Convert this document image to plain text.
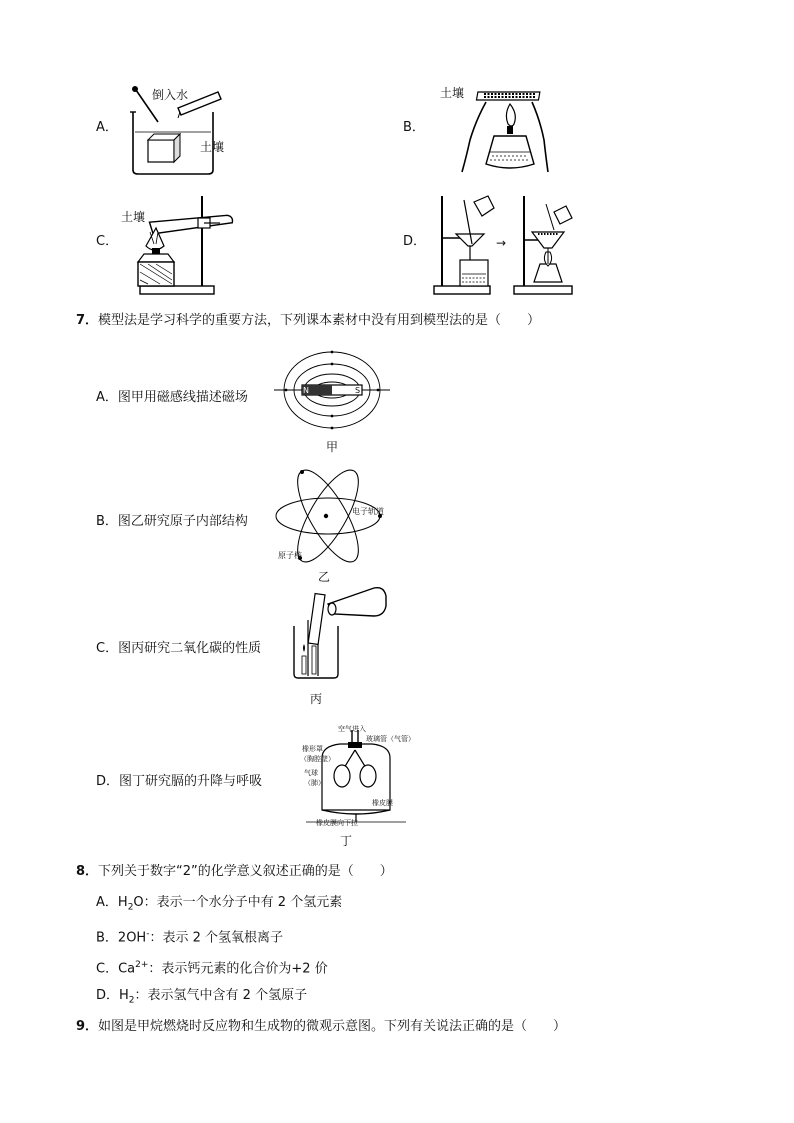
A．
倒入水
土壤
B．
土壤
C．
土壤
D．	→
7．模型法是学习科学的重要方法，下列课本素材中没有用到模型法的是（　　）
A．图甲用磁感线描述磁场	N	S
甲
B．图乙研究原子内部结构
电子轨道
原子核
乙
C．图丙研究二氧化碳的性质
丙
D．图丁研究膈的升降与呼吸
空气进入
玻璃管（气管）
橡形罩
（胸腔壁）
气球
（肺）
橡皮膜
橡皮膜向下拉
丁
8．下列关于数字“2”的化学意义叙述正确的是（　　）
A．$H_2O$：表示一个水分子中有 2 个氢元素
B．2OH-：表示 2 个氢氧根离子
C．$Ca^{2+}$：表示钙元素的化合价为+2 价
D．$H_2$：表示氢气中含有 2 个氢原子
9．如图是甲烷燃烧时反应物和生成物的微观示意图。下列有关说法正确的是（　　）
